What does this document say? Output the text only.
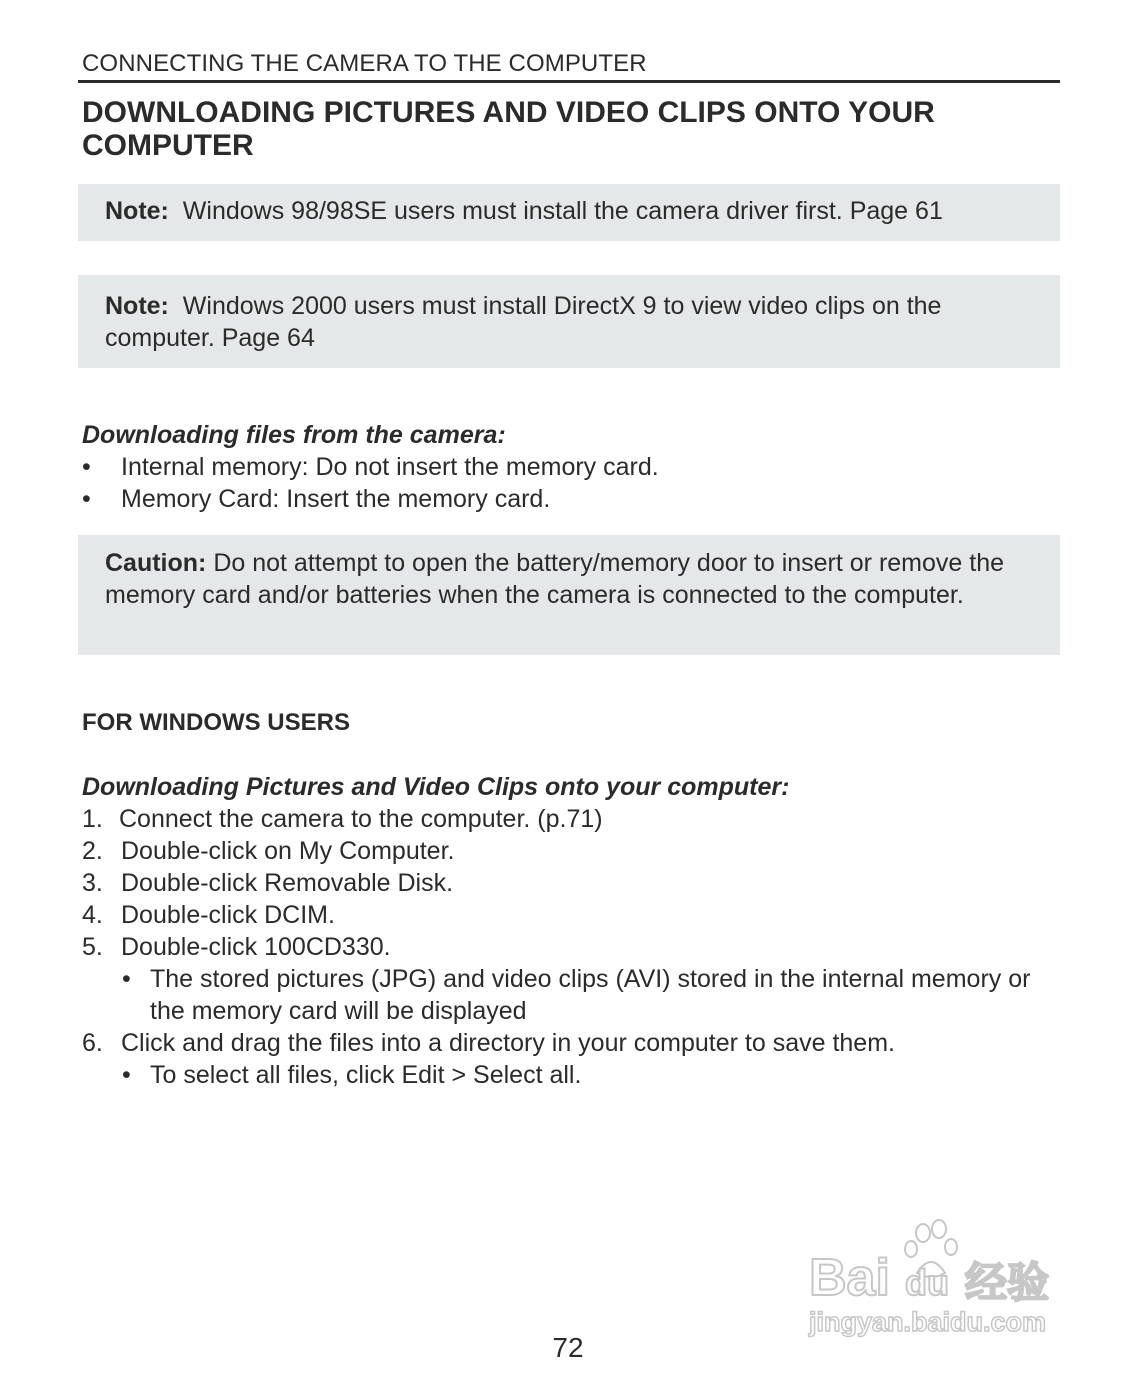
CONNECTING THE CAMERA TO THE COMPUTER
DOWNLOADING PICTURES AND VIDEO CLIPS ONTO YOUR COMPUTER
Note: Windows 98/98SE users must install the camera driver first. Page 61
Note: Windows 2000 users must install DirectX 9 to view video clips on the computer. Page 64
Downloading files from the camera:
• Internal memory: Do not insert the memory card.
• Memory Card: Insert the memory card.
Caution: Do not attempt to open the battery/memory door to insert or remove the memory card and/or batteries when the camera is connected to the computer.
FOR WINDOWS USERS
Downloading Pictures and Video Clips onto your computer:
1. Connect the camera to the computer. (p.71)
2. Double-click on My Computer.
3. Double-click Removable Disk.
4. Double-click DCIM.
5. Double-click 100CD330.
• The stored pictures (JPG) and video clips (AVI) stored in the internal memory or the memory card will be displayed
6. Click and drag the files into a directory in your computer to save them.
• To select all files, click Edit > Select all.
Bai du 经验
jingyan.baidu.com
72
